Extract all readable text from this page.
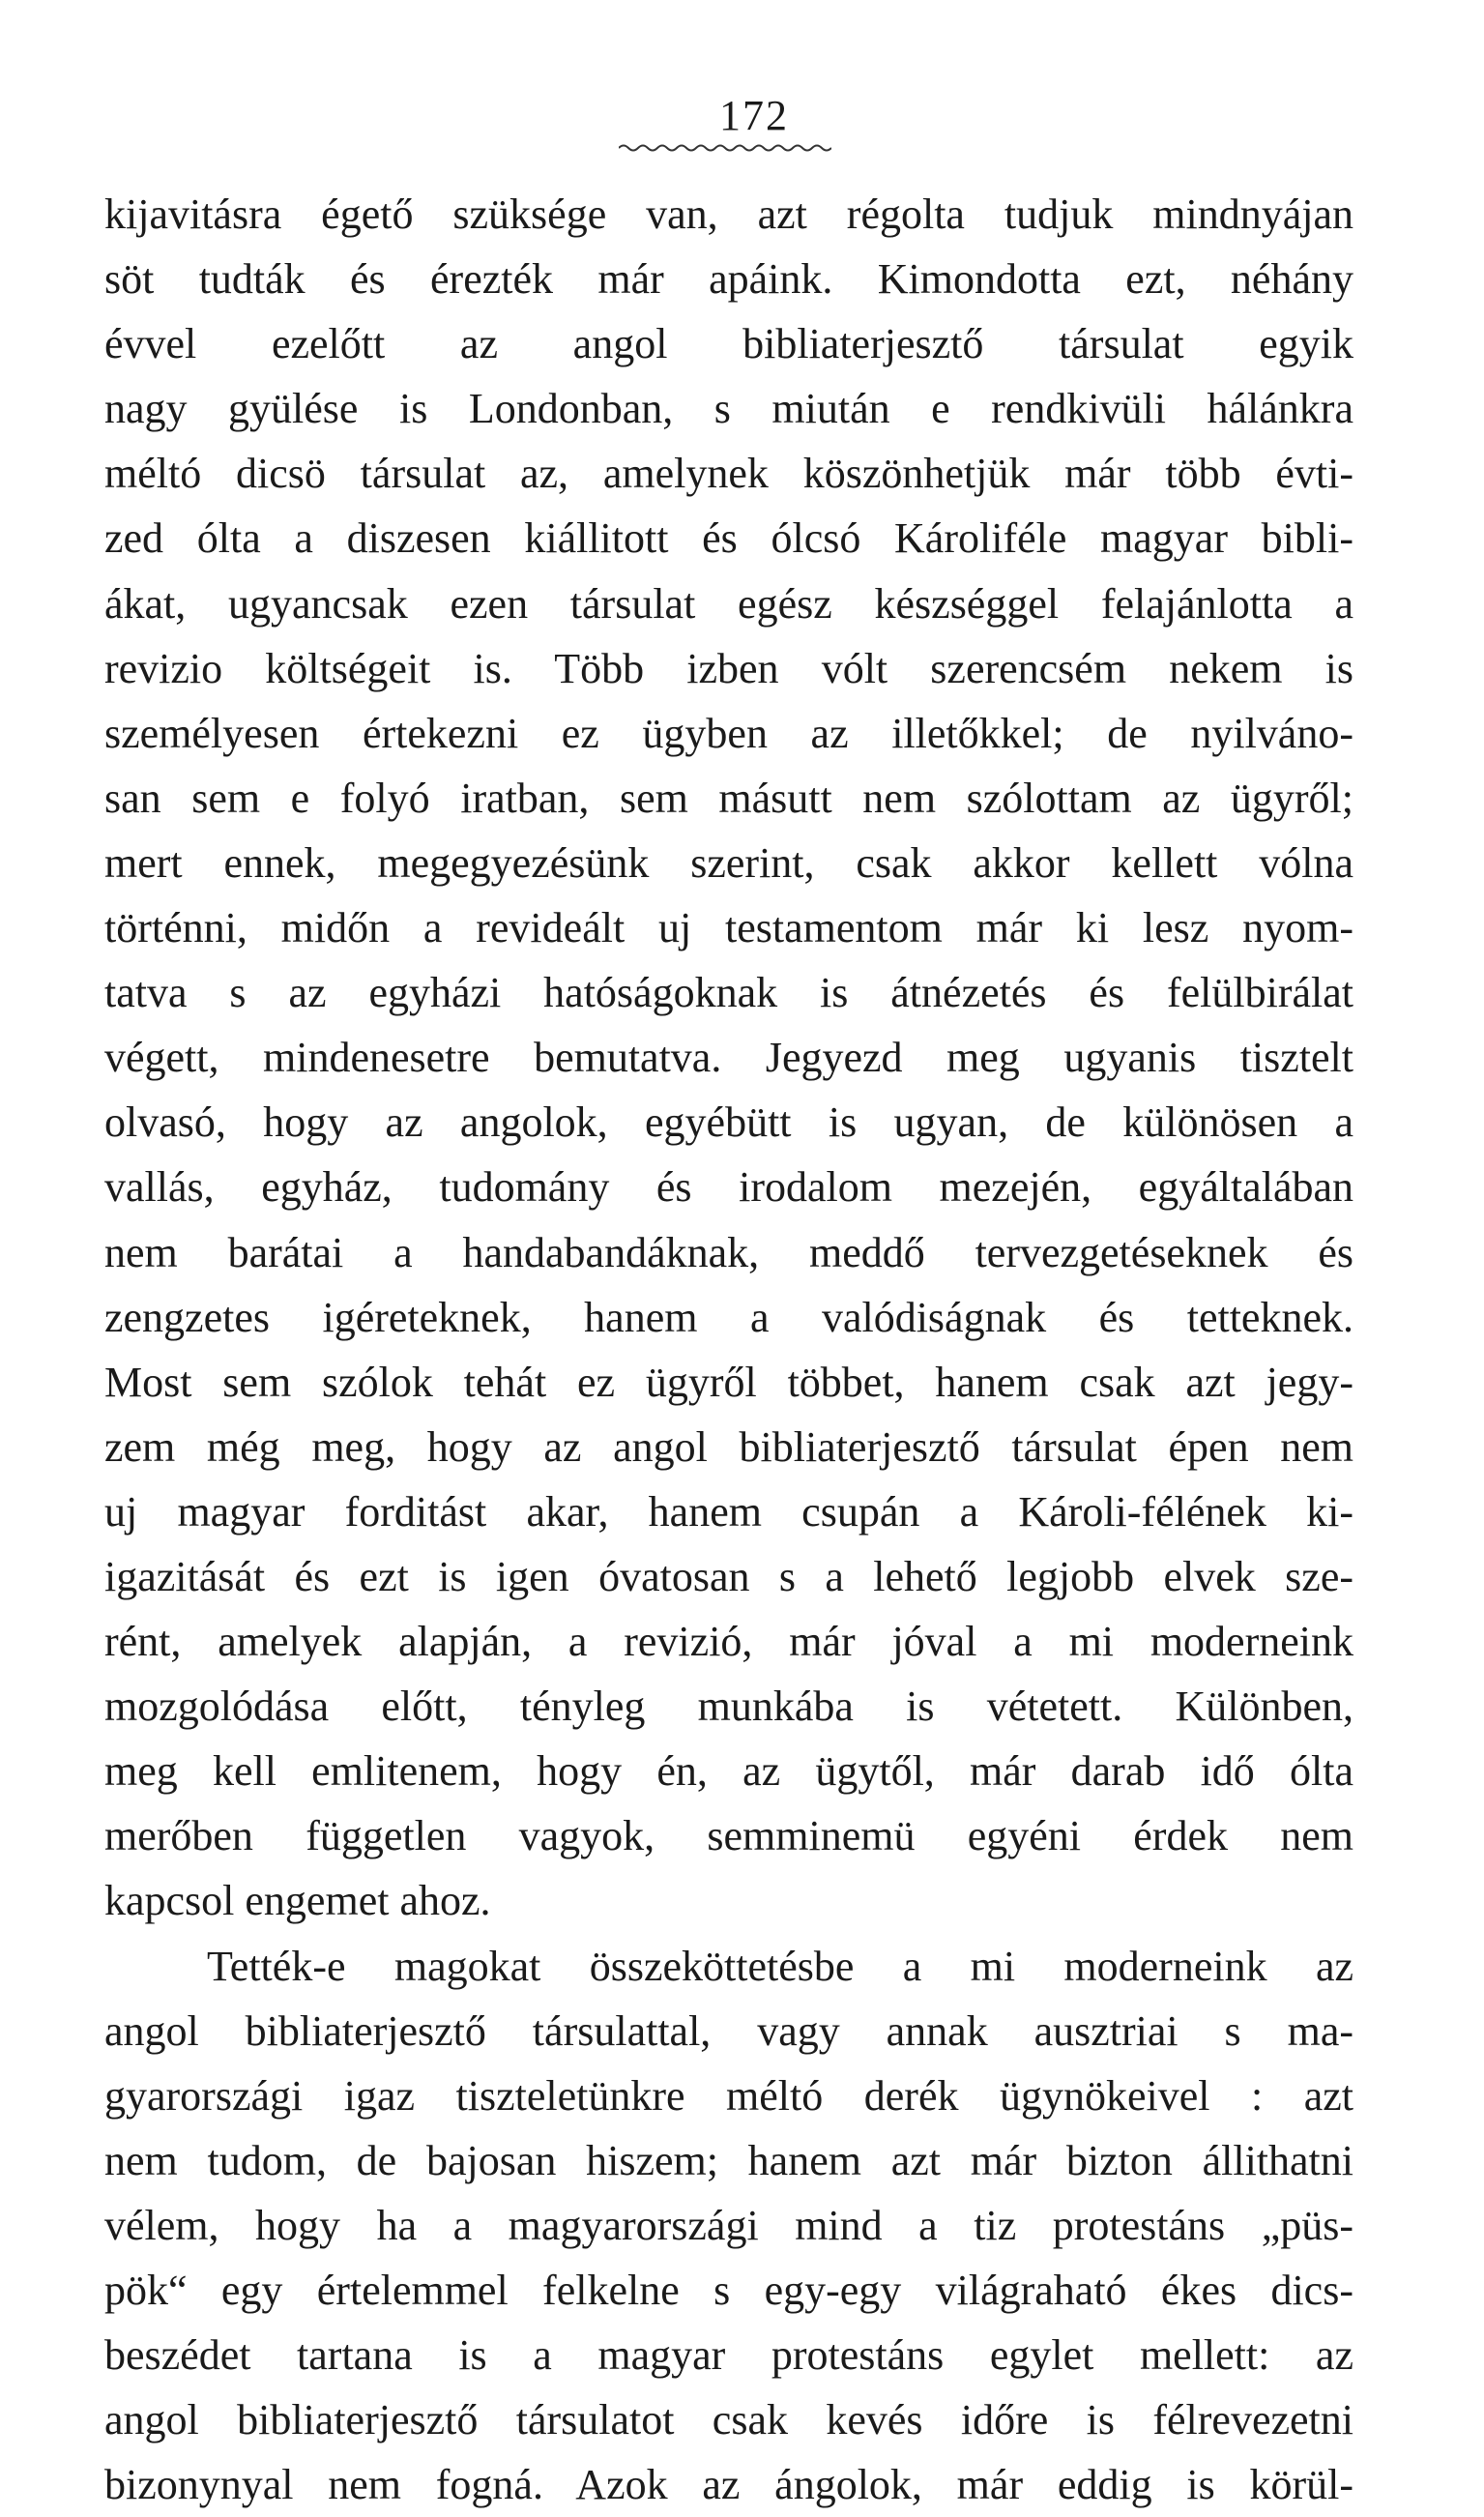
172
kijavitásra égető szüksége van, azt régolta tudjuk mindnyájan
söt tudták és érezték már apáink. Kimondotta ezt, néhány
évvel ezelőtt az angol bibliaterjesztő társulat egyik
nagy gyülése is Londonban, s miután e rendkivüli hálánkra
méltó dicsö társulat az, amelynek köszönhetjük már több évti-
zed ólta a diszesen kiállitott és ólcsó Károliféle magyar bibli-
ákat, ugyancsak ezen társulat egész készséggel felajánlotta a
revizio költségeit is. Több izben vólt szerencsém nekem is
személyesen értekezni ez ügyben az illetőkkel; de nyilváno-
san sem e folyó iratban, sem másutt nem szólottam az ügyről;
mert ennek, megegyezésünk szerint, csak akkor kellett vólna
történni, midőn a revideált uj testamentom már ki lesz nyom-
tatva s az egyházi hatóságoknak is átnézetés és felülbirálat
végett, mindenesetre bemutatva. Jegyezd meg ugyanis tisztelt
olvasó, hogy az angolok, egyébütt is ugyan, de különösen a
vallás, egyház, tudomány és irodalom mezején, egyáltalában
nem barátai a handabandáknak, meddő tervezgetéseknek és
zengzetes igéreteknek, hanem a valódiságnak és tetteknek.
Most sem szólok tehát ez ügyről többet, hanem csak azt jegy-
zem még meg, hogy az angol bibliaterjesztő társulat épen nem
uj magyar forditást akar, hanem csupán a Károli-félének ki-
igazitását és ezt is igen óvatosan s a lehető legjobb elvek sze-
rént, amelyek alapján, a revizió, már jóval a mi moderneink
mozgolódása előtt, tényleg munkába is vétetett. Különben,
meg kell emlitenem, hogy én, az ügytől, már darab idő ólta
merőben független vagyok, semminemü egyéni érdek nem
kapcsol engemet ahoz.
Tették-e magokat összeköttetésbe a mi moderneink az
angol bibliaterjesztő társulattal, vagy annak ausztriai s ma-
gyarországi igaz tiszteletünkre méltó derék ügynökeivel : azt
nem tudom, de bajosan hiszem; hanem azt már bizton állithatni
vélem, hogy ha a magyarországi mind a tiz protestáns „püs-
pök“ egy értelemmel felkelne s egy-egy világraható ékes dics-
beszédet tartana is a magyar protestáns egylet mellett: az
angol bibliaterjesztő társulatot csak kevés időre is félrevezetni
bizonynyal nem fogná. Azok az ángolok, már eddig is körül-
